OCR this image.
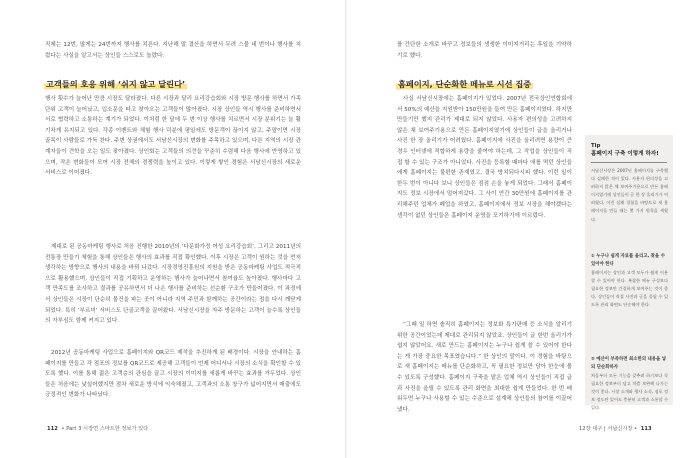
직제는 12번, 많게는 24번까지 행사를 치른다. 지난해 말 결산을 하면서 무려 스물 네 번이나 행사를 치렀다는 사실을 알고서는 상인들 스스로도 놀랐다.

고객들의 호응 위해 ‘쉬지 않고 달린다’

행사 횟수가 늘어난 만큼 시장도 달라졌다. 다른 시장과 달리 요리강습회와 시장 방문 행사를 하면서 가족 단위 고객이 늘어났고, 입소문을 타고 찾아오는 고객들이 많아졌다. 시장 상인들 역시 행사를 준비하면서 서로 협력하고 소통하는 계기가 되었다. 이처럼 한 달에 두 번 이상 행사를 치르면서 시장 분위기는 늘 활기차게 유지되고 있다. 각종 이벤트와 체험 행사 덕분에 평일에도 방문객이 끊이지 않고, 주말이면 시장 골목이 사람들로 가득 찬다. 주변 상권에서도 서남신시장의 변화를 주목하고 있으며, 다른 지역의 시장 관계자들이 견학을 오는 일도 잦아졌다. 상인회는 고객들의 의견을 꾸준히 수렴해 다음 행사에 반영하고 있으며, 작은 변화들이 모여 시장 전체의 경쟁력을 높이고 있다. 이렇게 쌓인 경험은 서남신시장의 새로운 서비스로 이어졌다.

제대로 된 공동마케팅 행사로 처음 진행한 2010년의 ‘다문화가정 여성 요리강습회’, 그리고 2011년의 전통장 만들기 체험을 통해 상인들은 행사의 효과를 직접 확인했다. 이후 시장은 고객이 원하는 것을 먼저 생각하는 방향으로 행사의 내용을 바꿔 나갔다. 시장경영진흥원의 지원을 받은 공동마케팅 사업도 적극적으로 활용했으며, 상인들이 직접 기획하고 운영하는 행사가 늘어나면서 참여율도 높아졌다. 행사마다 고객 만족도를 조사하고 결과를 공유하면서 더 나은 행사를 준비하는 선순환 구조가 만들어졌다. 이 과정에서 상인들은 시장이 단순히 물건을 파는 곳이 아니라 지역 주민과 함께하는 공간이라는 점을 다시 깨닫게 되었다. 특히 ‘부르미’ 서비스도 단골고객을 끌어왔다. 서남신시장을 자주 방문하는 고객이 늘수록 상인들의 자부심도 함께 커지고 있다.

2012년 공동마케팅 사업으로 홈페이지와 QR코드 제작을 추진하게 된 배경이다. 시장을 안내하는 홈페이지를 만들고 각 점포의 정보를 QR코드로 제공해 고객들이 언제 어디서나 시장의 소식을 확인할 수 있도록 했다. 이를 통해 젊은 고객층의 관심을 끌고 시장의 이미지를 새롭게 바꾸는 효과를 거두었다. 상인들은 처음에는 낯설어했지만 점차 새로운 방식에 익숙해졌고, 고객과의 소통 창구가 넓어지면서 매출에도 긍정적인 변화가 나타났다.

112 • Part 3 시장연 스마트한 정보가 있다

를 간단한 소개로 바꾸고 정보들의 생생한 이미지거리는 후일을 기약하기로 했다.

홈페이지, 단순화한 메뉴로 시선 집중

사실 서남신시장에는 홈페이지가 있었다. 2007년 전국상인연합회에서 50%의 예산을 지원받아 150만원을 들여 만든 홈페이지였다. 하지만 만들기만 했지 관리가 제대로 되지 않았다. 사용자 편의성을 고려하지 않은 채 보여주기용으로 만든 홈페이지였기에 상인들이 글을 올리거나 사진 한 장 올리기가 어려웠다. 홈페이지에 사진을 올리려면 용량이 큰 경우 인터넷에 적합하게 용량을 줄여야 하는데, 그 작업을 상인들이 직접 할 수 있는 구조가 아니었다. 사진을 등록할 때마다 애를 먹던 상인들에게 홈페이지는 불편한 존재였고, 결국 방치되다시피 했다. 이런 일이 한두 번이 아니다 보니 상인들은 점점 손을 놓게 되었다. 그래서 홈페이지도 정보 시장에서 멀어져갔다. 그 사이 연간 30만원에 홈페이지를 관리해주던 업체가 폐업을 하였고, 홈페이지에서 정보 시장을 해야겠다는 생각이 없던 상인들은 홈페이지 운영을 포기하기에 이르렀다.

“그때 일 하면 솔직히 홈페이지는 정보화 특가판매 등 소식을 알리기 위한 공간이었는데 제대로 관리되지 않았죠. 상인들이 글 한번 올리기가 쉽지 않았어요. 새로 만드는 홈페이지는 누구나 쉽게 쓸 수 있어야 한다는 게 가장 중요한 목표였습니다.” 한 상인의 말이다. 이 경험을 바탕으로 새 홈페이지는 메뉴를 단순화하고, 꼭 필요한 정보만 담아 한눈에 볼 수 있도록 구성했다. 홈페이지 구축을 맡은 업체 역시 상인들이 직접 글과 사진을 올릴 수 있도록 관리 화면을 최대한 쉽게 만들었다. 한 번 배워두면 누구나 사용할 수 있는 수준으로 설계해 상인들의 참여를 이끌어냈다.

12장 대구 | 서남신시장 • 113
Tip
홈페이지 구축 이렇게 하자!

서남신시장은 2007년 홈페이지를 구축했다 실패한 적이 있다. 사용자 편의성을 고려하지 않은 채 보여주기용으로 만든 홈페이지였기에 상인들이 글 한 장 올리기가 어려웠다. 이런 실패 경험을 바탕으로 새 홈페이지를 만들 때는 몇 가지 원칙을 세웠다.

① 누구나 쉽게 자료를 올리고, 찾을 수 있어야 한다

홈페이지는 상인과 고객 모두가 쉽게 이용할 수 있어야 한다. 복잡한 메뉴 구성보다 필요한 정보만 간결하게 보여주는 것이 좋다. 상인들이 직접 사진과 글을 올릴 수 있도록 관리 화면도 단순해야 한다.

② 예산이 부족하면 최소한의 내용을 넣되 단순화하자

처음부터 모든 기능을 갖추려 하기보다 꼭 필요한 정보부터 담고 차츰 보완해 나가는 것이 좋다. 시장 소개와 행사 소식, 점포 정보 정도만 있어도 충분히 고객과 소통할 수 있다.
